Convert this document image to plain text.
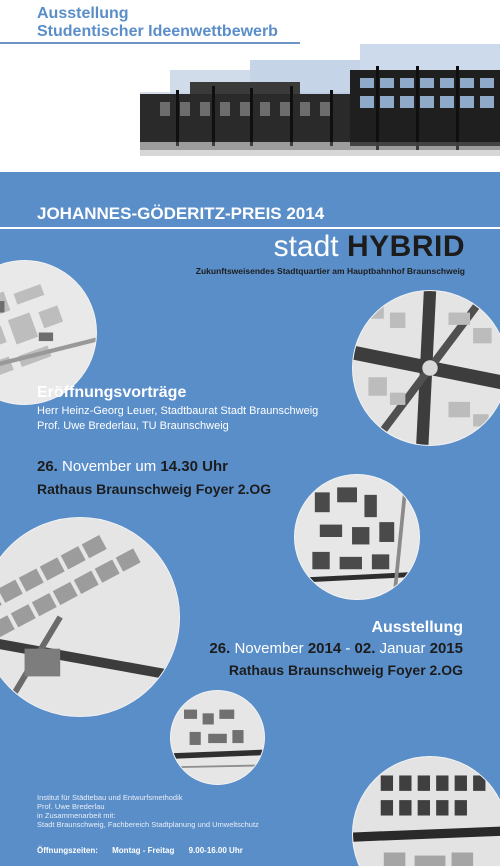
Ausstellung
Studentischer Ideenwettbewerb
JOHANNES-GÖDERITZ-PREIS 2014
stadt HYBRID
Zukunftsweisendes Stadtquartier am Hauptbahnhof Braunschweig
Eröffnungsvorträge
Herr Heinz-Georg Leuer, Stadtbaurat Stadt Braunschweig
Prof. Uwe Brederlau, TU Braunschweig
26. November um 14.30 Uhr
Rathaus Braunschweig Foyer 2.OG
Ausstellung
26. November 2014 - 02. Januar 2015
Rathaus Braunschweig Foyer 2.OG
Institut für Städtebau und Entwurfsmethodik
Prof. Uwe Brederlau
in Zusammenarbeit mit:
Stadt Braunschweig, Fachbereich Stadtplanung und Umweltschutz
Öffnungszeiten: Montag - Freitag 9.00-16.00 Uhr
